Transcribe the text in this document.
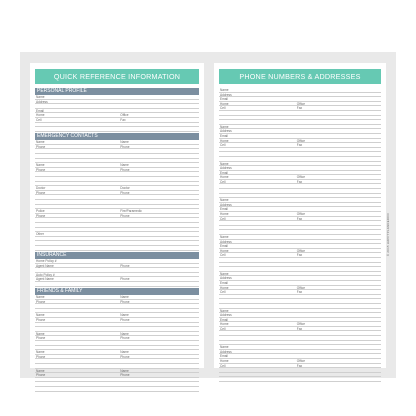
QUICK REFERENCE INFORMATION
PERSONAL PROFILE
Name
Address
Email
Home	Office
Cell	Fax
EMERGENCY CONTACTS
Name	Name
Phone	Phone
Name	Name
Phone	Phone
Doctor	Doctor
Phone	Phone
Police	Fire/Paramedic
Phone	Phone
Other
INSURANCE
Home Policy #
Agent Name	Phone
Auto Policy #
Agent Name	Phone
FRIENDS & FAMILY
Name	Name
Phone	Phone
Name	Name
Phone	Phone
Name	Name
Phone	Phone
Name	Name
Phone	Phone
Name	Name
Phone	Phone
PHONE NUMBERS & ADDRESSES
Name
Address
Email
Home	Office
Cell	Fax
Name
Address
Email
Home	Office
Cell	Fax
Name
Address
Email
Home	Office
Cell	Fax
Name
Address
Email
Home	Office
Cell	Fax
Name
Address
Email
Home	Office
Cell	Fax
Name
Address
Email
Home	Office
Cell	Fax
Name
Address
Email
Home	Office
Cell	Fax
Name
Address
Email
Home	Office
Cell	Fax
© 2015 HAPPYPLANNERCO
